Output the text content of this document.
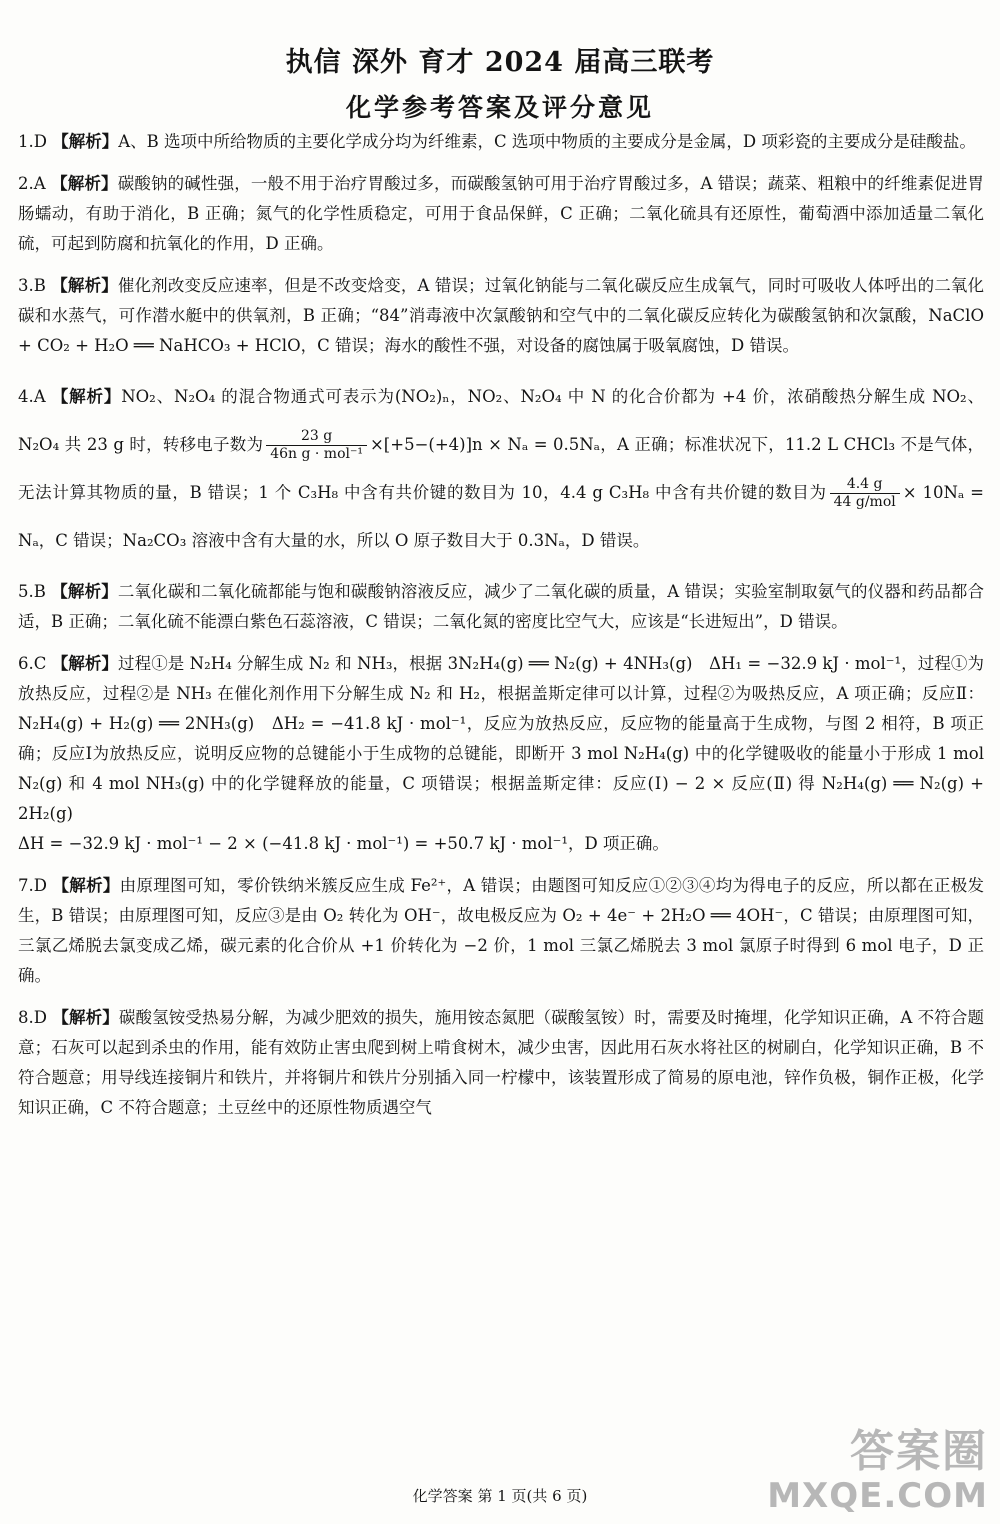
执信 深外 育才 2024 届高三联考
化学参考答案及评分意见

1.D 【解析】A、B 选项中所给物质的主要化学成分均为纤维素，C 选项中物质的主要成分是金属，D 项彩瓷的主要成分是硅酸盐。

2.A 【解析】碳酸钠的碱性强，一般不用于治疗胃酸过多，而碳酸氢钠可用于治疗胃酸过多，A 错误；蔬菜、粗粮中的纤维素促进胃肠蠕动，有助于消化，B 正确；氮气的化学性质稳定，可用于食品保鲜，C 正确；二氧化硫具有还原性，葡萄酒中添加适量二氧化硫，可起到防腐和抗氧化的作用，D 正确。

3.B 【解析】催化剂改变反应速率，但是不改变焓变，A 错误；过氧化钠能与二氧化碳反应生成氧气，同时可吸收人体呼出的二氧化碳和水蒸气，可作潜水艇中的供氧剂，B 正确；“84”消毒液中次氯酸钠和空气中的二氧化碳反应转化为碳酸氢钠和次氯酸，NaClO + CO₂ + H₂O ══ NaHCO₃ + HClO，C 错误；海水的酸性不强，对设备的腐蚀属于吸氧腐蚀，D 错误。

4.A 【解析】NO₂、N₂O₄ 的混合物通式可表示为(NO₂)ₙ，NO₂、N₂O₄ 中 N 的化合价都为 +4 价，浓硝酸热分解生成 NO₂、N₂O₄ 共 23 g 时，转移电子数为 $\frac{23 g}{\text{46n g · mol⁻¹}} \times[+5-(+4)]n \times N_a = 0.5N_a$，A 正确；标准状况下，11.2 L CHCl₃ 不是气体，无法计算其物质的量，B 错误；1 个 C₃H₈ 中含有共价键的数目为 10，4.4 g C₃H₈ 中含有共价键的数目为 $\frac{4.4 g}{\text{44 g/mol}} \times 10N_a = N_a$，C 错误；Na₂CO₃ 溶液中含有大量的水，所以 O 原子数目大于 0.3Nₐ，D 错误。

5.B 【解析】二氧化碳和二氧化硫都能与饱和碳酸钠溶液反应，减少了二氧化碳的质量，A 错误；实验室制取氨气的仪器和药品都合适，B 正确；二氧化硫不能漂白紫色石蕊溶液，C 错误；二氧化氮的密度比空气大，应该是“长进短出”，D 错误。

6.C 【解析】过程①是 N₂H₄ 分解生成 N₂ 和 NH₃，根据 3N₂H₄(g) ══ N₂(g) + 4NH₃(g)　ΔH₁ = −32.9 kJ · mol⁻¹，过程①为放热反应，过程②是 NH₃ 在催化剂作用下分解生成 N₂ 和 H₂，根据盖斯定律可以计算，过程②为吸热反应，A 项正确；反应Ⅱ：N₂H₄(g) + H₂(g) ══ 2NH₃(g)　ΔH₂ = −41.8 kJ · mol⁻¹，反应为放热反应，反应物的能量高于生成物，与图 2 相符，B 项正确；反应Ⅰ为放热反应，说明反应物的总键能小于生成物的总键能，即断开 3 mol N₂H₄(g) 中的化学键吸收的能量小于形成 1 mol N₂(g) 和 4 mol NH₃(g) 中的化学键释放的能量，C 项错误；根据盖斯定律：反应(Ⅰ) − 2 × 反应(Ⅱ) 得 N₂H₄(g) ══ N₂(g) + 2H₂(g)

ΔH = −32.9 kJ · mol⁻¹ − 2 × (−41.8 kJ · mol⁻¹) = +50.7 kJ · mol⁻¹，D 项正确。

7.D 【解析】由原理图可知，零价铁纳米簇反应生成 Fe²⁺，A 错误；由题图可知反应①②③④均为得电子的反应，所以都在正极发生，B 错误；由原理图可知，反应③是由 O₂ 转化为 OH⁻，故电极反应为 O₂ + 4e⁻ + 2H₂O ══ 4OH⁻，C 错误；由原理图可知，三氯乙烯脱去氯变成乙烯，碳元素的化合价从 +1 价转化为 −2 价，1 mol 三氯乙烯脱去 3 mol 氯原子时得到 6 mol 电子，D 正确。

8.D 【解析】碳酸氢铵受热易分解，为减少肥效的损失，施用铵态氮肥（碳酸氢铵）时，需要及时掩埋，化学知识正确，A 不符合题意；石灰可以起到杀虫的作用，能有效防止害虫爬到树上啃食树木，减少虫害，因此用石灰水将社区的树刷白，化学知识正确，B 不符合题意；用导线连接铜片和铁片，并将铜片和铁片分别插入同一柠檬中，该装置形成了简易的原电池，锌作负极，铜作正极，化学知识正确，C 不符合题意；土豆丝中的还原性物质遇空气

化学答案 第 1 页(共 6 页)
答案圈
MXQE.COM
